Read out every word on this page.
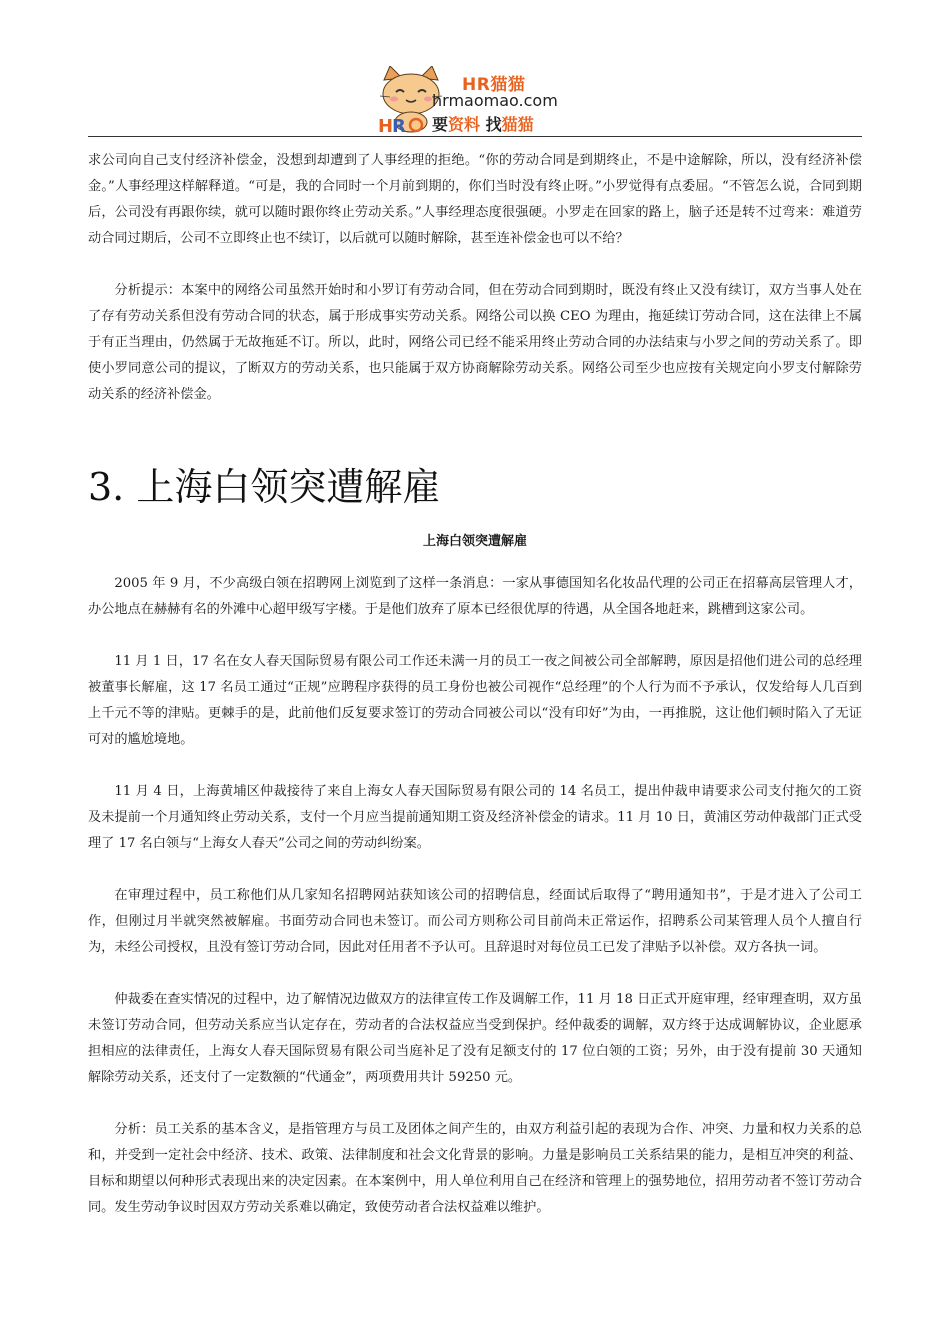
H
R
HR猫猫
hrmaomao.com
要资料 找猫猫

求公司向自己支付经济补偿金，没想到却遭到了人事经理的拒绝。“你的劳动合同是到期终止，不是中途解除，所以，没有经济补偿金。”人事经理这样解释道。“可是，我的合同时一个月前到期的，你们当时没有终止呀。”小罗觉得有点委屈。“不管怎么说，合同到期后，公司没有再跟你续，就可以随时跟你终止劳动关系。”人事经理态度很强硬。小罗走在回家的路上，脑子还是转不过弯来：难道劳动合同过期后，公司不立即终止也不续订，以后就可以随时解除，甚至连补偿金也可以不给？

分析提示：本案中的网络公司虽然开始时和小罗订有劳动合同，但在劳动合同到期时，既没有终止又没有续订，双方当事人处在了存有劳动关系但没有劳动合同的状态，属于形成事实劳动关系。网络公司以换 CEO 为理由，拖延续订劳动合同，这在法律上不属于有正当理由，仍然属于无故拖延不订。所以，此时，网络公司已经不能采用终止劳动合同的办法结束与小罗之间的劳动关系了。即使小罗同意公司的提议，了断双方的劳动关系，也只能属于双方协商解除劳动关系。网络公司至少也应按有关规定向小罗支付解除劳动关系的经济补偿金。

3. 上海白领突遭解雇
上海白领突遭解雇

2005 年 9 月，不少高级白领在招聘网上浏览到了这样一条消息：一家从事德国知名化妆品代理的公司正在招幕高层管理人才，办公地点在赫赫有名的外滩中心超甲级写字楼。于是他们放弃了原本已经很优厚的待遇，从全国各地赶来，跳槽到这家公司。

11 月 1 日，17 名在女人春天国际贸易有限公司工作还未满一月的员工一夜之间被公司全部解聘，原因是招他们进公司的总经理被董事长解雇，这 17 名员工通过“正规”应聘程序获得的员工身份也被公司视作“总经理”的个人行为而不予承认，仅发给每人几百到上千元不等的津贴。更棘手的是，此前他们反复要求签订的劳动合同被公司以“没有印好”为由，一再推脱，这让他们顿时陷入了无证可对的尴尬境地。

11 月 4 日，上海黄埔区仲裁接待了来自上海女人春天国际贸易有限公司的 14 名员工，提出仲裁申请要求公司支付拖欠的工资及未提前一个月通知终止劳动关系，支付一个月应当提前通知期工资及经济补偿金的请求。11 月 10 日，黄浦区劳动仲裁部门正式受理了 17 名白领与“上海女人春天”公司之间的劳动纠纷案。

在审理过程中，员工称他们从几家知名招聘网站获知该公司的招聘信息，经面试后取得了“聘用通知书”，于是才进入了公司工作，但刚过月半就突然被解雇。书面劳动合同也未签订。而公司方则称公司目前尚未正常运作，招聘系公司某管理人员个人擅自行为，未经公司授权，且没有签订劳动合同，因此对任用者不予认可。且辞退时对每位员工已发了津贴予以补偿。双方各执一词。

仲裁委在查实情况的过程中，边了解情况边做双方的法律宣传工作及调解工作，11 月 18 日正式开庭审理，经审理查明，双方虽未签订劳动合同，但劳动关系应当认定存在，劳动者的合法权益应当受到保护。经仲裁委的调解，双方终于达成调解协议，企业愿承担相应的法律责任，上海女人春天国际贸易有限公司当庭补足了没有足额支付的 17 位白领的工资；另外，由于没有提前 30 天通知解除劳动关系，还支付了一定数额的“代通金”，两项费用共计 59250 元。

分析：员工关系的基本含义，是指管理方与员工及团体之间产生的，由双方利益引起的表现为合作、冲突、力量和权力关系的总和，并受到一定社会中经济、技术、政策、法律制度和社会文化背景的影响。力量是影响员工关系结果的能力，是相互冲突的利益、目标和期望以何种形式表现出来的决定因素。在本案例中，用人单位利用自己在经济和管理上的强势地位，招用劳动者不签订劳动合同。发生劳动争议时因双方劳动关系难以确定，致使劳动者合法权益难以维护。
